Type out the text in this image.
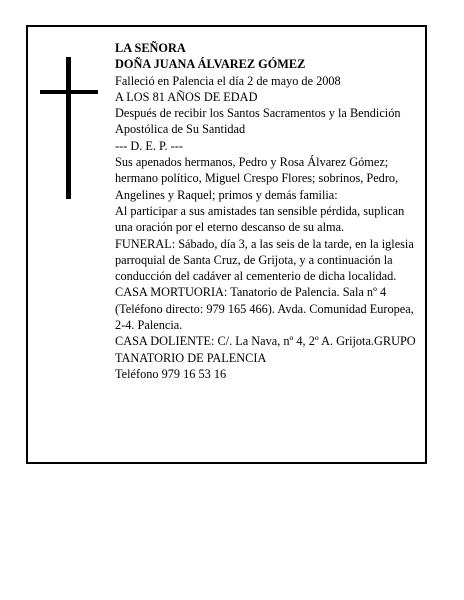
LA SEÑORA

DOÑA JUANA ÁLVAREZ GÓMEZ

Falleció en Palencia el día 2 de mayo de 2008

A LOS 81 AÑOS DE EDAD

Después de recibir los Santos Sacramentos y la Bendición Apostólica de Su Santidad

--- D. E. P. ---

Sus apenados hermanos, Pedro y Rosa Álvarez Gómez; hermano político, Miguel Crespo Flores; sobrinos, Pedro, Angelines y Raquel; primos y demás familia:

Al participar a sus amistades tan sensible pérdida, suplican una oración por el eterno descanso de su alma.

FUNERAL: Sábado, día 3, a las seis de la tarde, en la iglesia parroquial de Santa Cruz, de Grijota, y a continuación la conducción del cadáver al cementerio de dicha localidad.

CASA MORTUORIA: Tanatorio de Palencia. Sala nº 4 (Teléfono directo: 979 165 466). Avda. Comunidad Europea, 2-4. Palencia.

CASA DOLIENTE: C/. La Nava, nº 4, 2º A. Grijota.GRUPO TANATORIO DE PALENCIA

Teléfono 979 16 53 16
